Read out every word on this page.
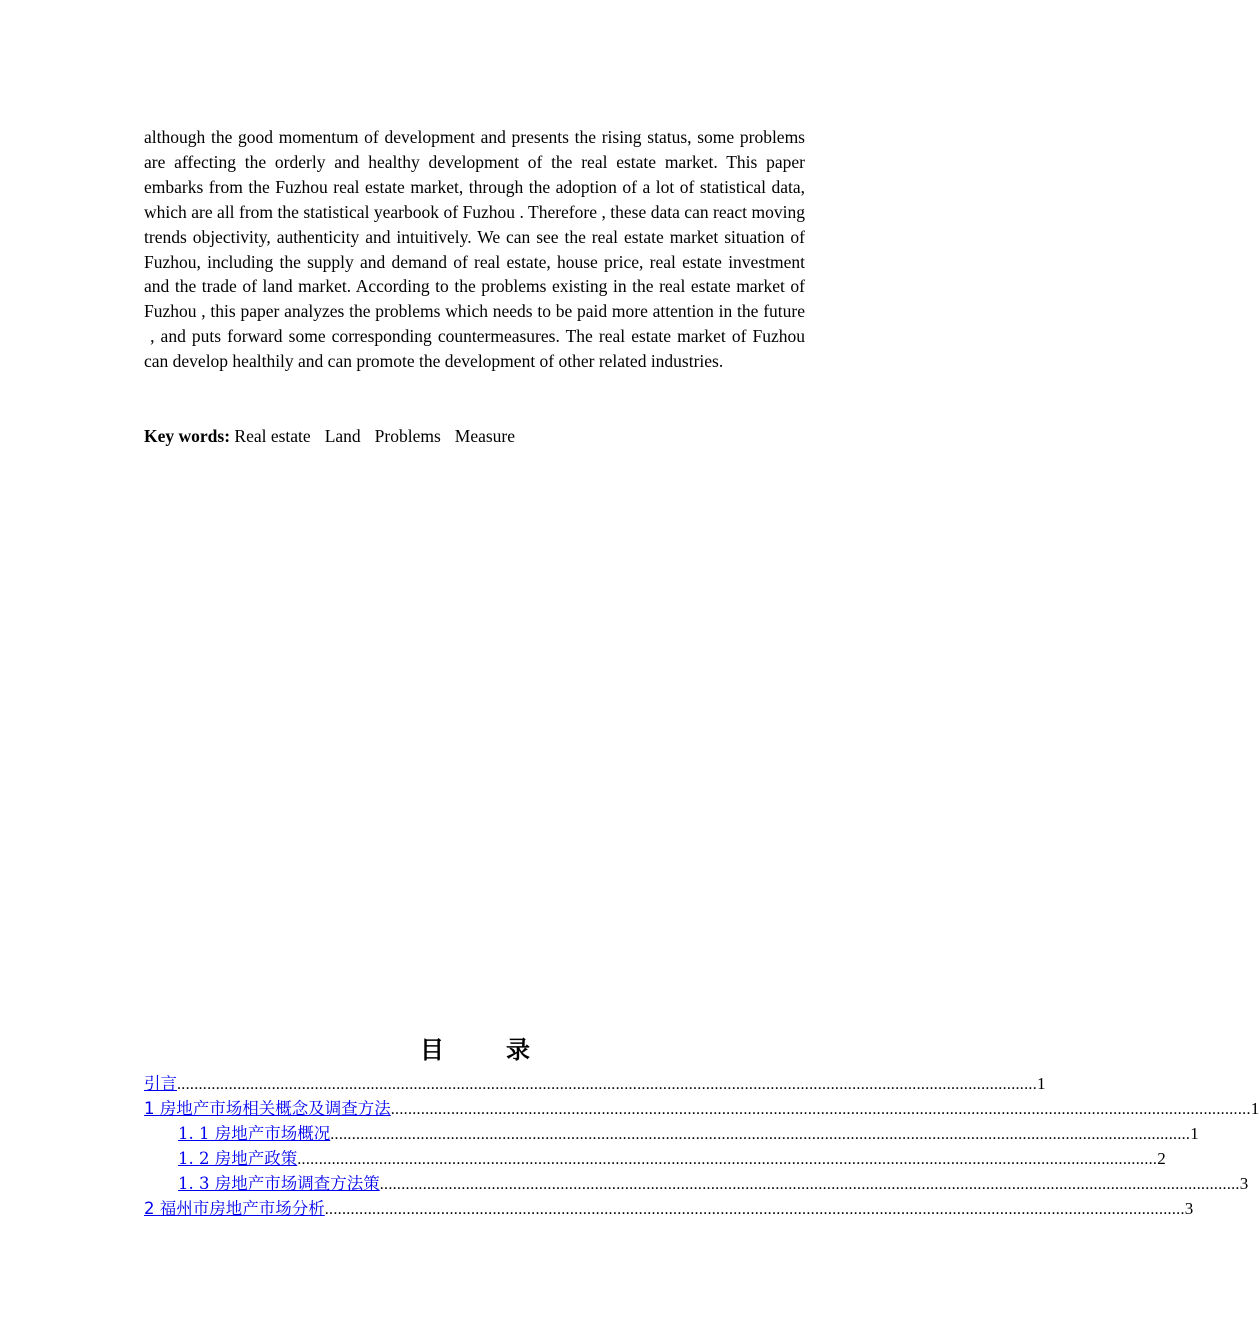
although the good momentum of development and presents the rising status, some problems are affecting the orderly and healthy development of the real estate market. This paper embarks from the Fuzhou real estate market, through the adoption of a lot of statistical data, which are all from the statistical yearbook of Fuzhou . Therefore , these data can react moving trends objectivity, authenticity and intuitively. We can see the real estate market situation of Fuzhou, including the supply and demand of real estate, house price, real estate investment and the trade of land market. According to the problems existing in the real estate market of Fuzhou , this paper analyzes the problems which needs to be paid more attention in the future  , and puts forward some corresponding countermeasures. The real estate market of Fuzhou can develop healthily and can promote the development of other related industries.

Key words: Real estate Land Problems Measure

目	录
引言 ........................................................................................................................................................................................................ 1
1 房地产市场相关概念及调查方法 ........................................................................................................................................................................................................ 1
1. 1 房地产市场概况 ........................................................................................................................................................................................................ 1
1. 2 房地产政策 ........................................................................................................................................................................................................ 2
1. 3 房地产市场调查方法策 ........................................................................................................................................................................................................ 3
2 福州市房地产市场分析 ........................................................................................................................................................................................................ 3
